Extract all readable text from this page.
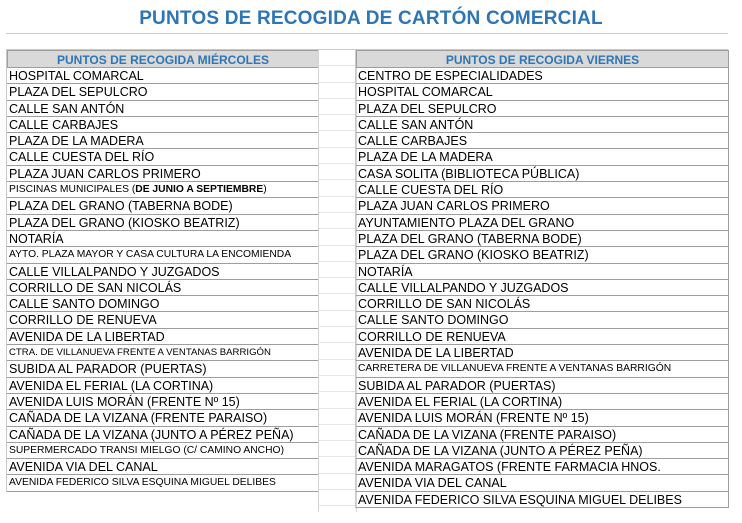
PUNTOS DE RECOGIDA DE CARTÓN COMERCIAL
PUNTOS DE RECOGIDA MIÉRCOLES
HOSPITAL COMARCAL
PLAZA DEL SEPULCRO
CALLE SAN ANTÓN
CALLE CARBAJES
PLAZA DE LA MADERA
CALLE CUESTA DEL RÍO
PLAZA JUAN CARLOS PRIMERO
PISCINAS MUNICIPALES (DE JUNIO A SEPTIEMBRE)
PLAZA DEL GRANO (TABERNA BODE)
PLAZA DEL GRANO (KIOSKO BEATRIZ)
NOTARÍA
AYTO. PLAZA MAYOR Y CASA CULTURA LA ENCOMIENDA
CALLE VILLALPANDO Y JUZGADOS
CORRILLO DE SAN NICOLÁS
CALLE SANTO DOMINGO
CORRILLO DE RENUEVA
AVENIDA DE LA LIBERTAD
CTRA. DE VILLANUEVA FRENTE A VENTANAS BARRIGÓN
SUBIDA AL PARADOR (PUERTAS)
AVENIDA EL FERIAL (LA CORTINA)
AVENIDA LUIS MORÁN (FRENTE Nº 15)
CAÑADA DE LA VIZANA (FRENTE PARAISO)
CAÑADA DE LA VIZANA (JUNTO A PÉREZ PEÑA)
SUPERMERCADO TRANSI MIELGO (C/ CAMINO ANCHO)
AVENIDA VIA DEL CANAL
AVENIDA FEDERICO SILVA ESQUINA MIGUEL DELIBES
PUNTOS DE RECOGIDA VIERNES
CENTRO DE ESPECIALIDADES
HOSPITAL COMARCAL
PLAZA DEL SEPULCRO
CALLE SAN ANTÓN
CALLE CARBAJES
PLAZA DE LA MADERA
CASA SOLITA (BIBLIOTECA PÚBLICA)
CALLE CUESTA DEL RÍO
PLAZA JUAN CARLOS PRIMERO
AYUNTAMIENTO PLAZA DEL GRANO
PLAZA DEL GRANO (TABERNA BODE)
PLAZA DEL GRANO (KIOSKO BEATRIZ)
NOTARÍA
CALLE VILLALPANDO Y JUZGADOS
CORRILLO DE SAN NICOLÁS
CALLE SANTO DOMINGO
CORRILLO DE RENUEVA
AVENIDA DE LA LIBERTAD
CARRETERA DE VILLANUEVA FRENTE A VENTANAS BARRIGÓN
SUBIDA AL PARADOR (PUERTAS)
AVENIDA EL FERIAL (LA CORTINA)
AVENIDA LUIS MORÁN (FRENTE Nº 15)
CAÑADA DE LA VIZANA (FRENTE PARAISO)
CAÑADA DE LA VIZANA (JUNTO A PÉREZ PEÑA)
AVENIDA MARAGATOS (FRENTE FARMACIA HNOS.
AVENIDA VIA DEL CANAL
AVENIDA FEDERICO SILVA ESQUINA MIGUEL DELIBES
